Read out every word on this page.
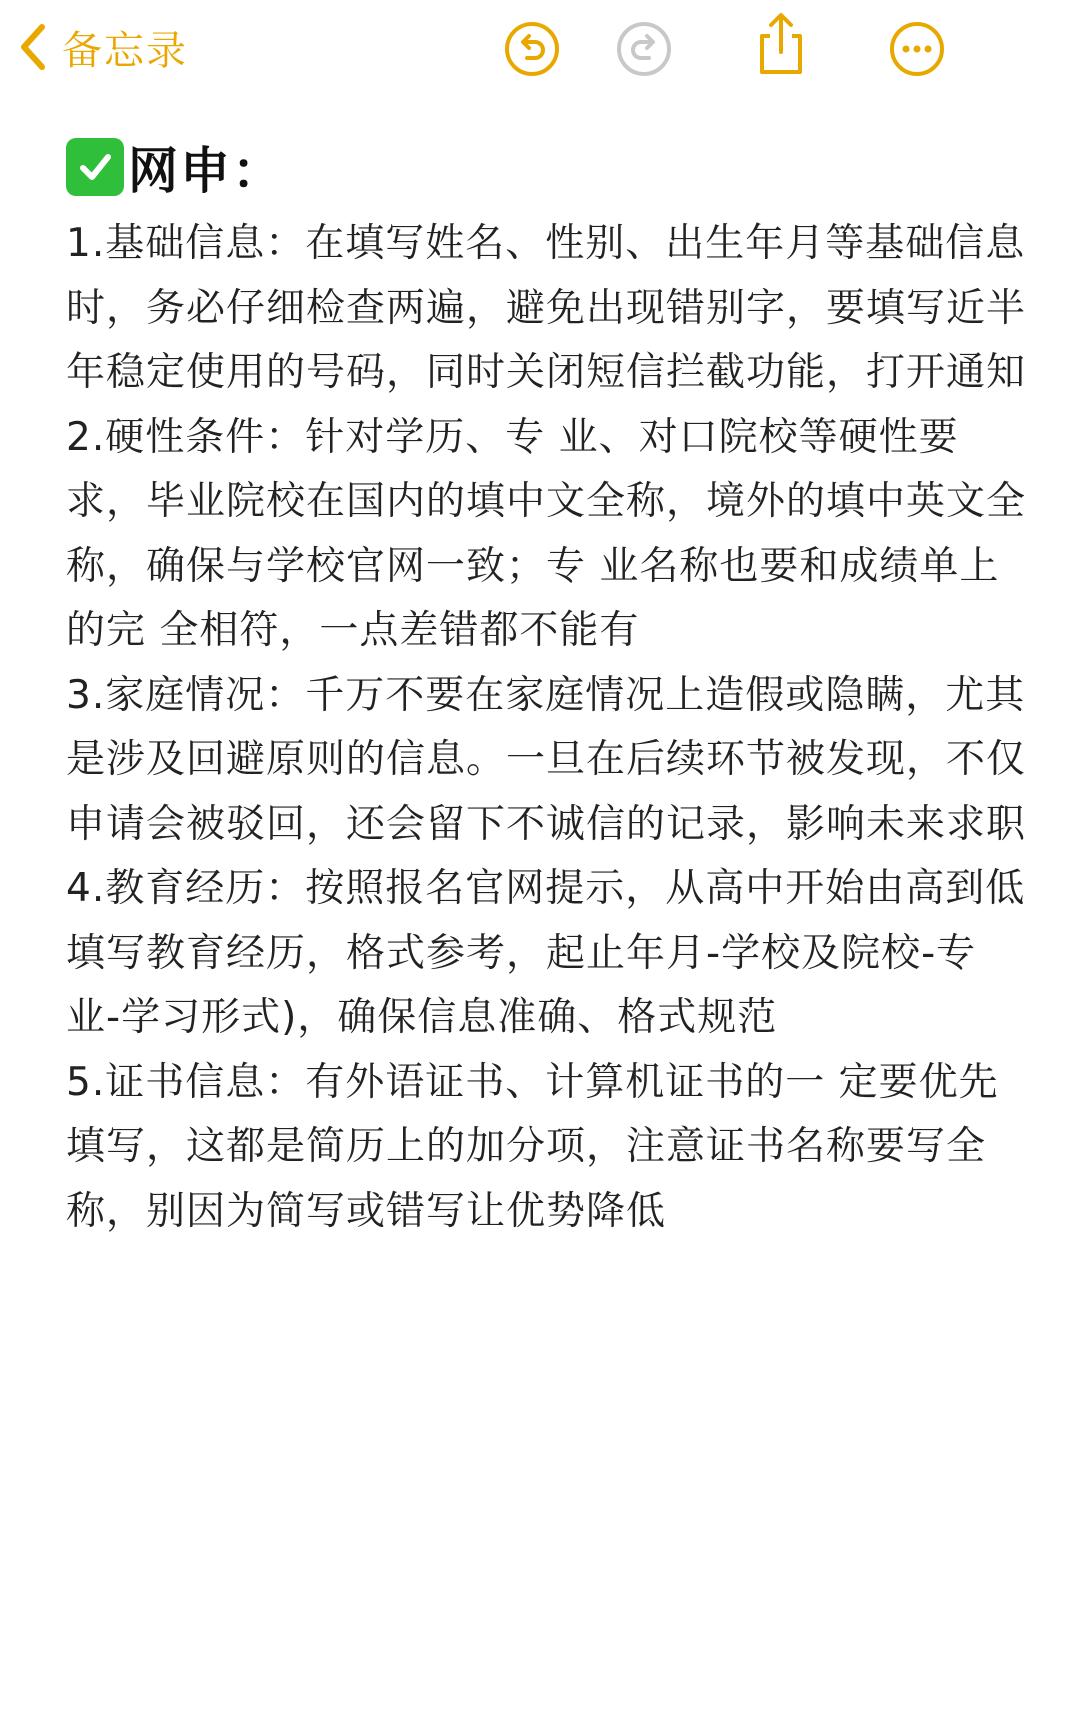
备忘录
网申：

1.基础信息：在填写姓名、性别、出生年月等基础信息时，务必仔细检查两遍，避免出现错别字，要填写近半年稳定使用的号码，同时关闭短信拦截功能，打开通知

2.硬性条件：针对学历、专 业、对口院校等硬性要求，毕业院校在国内的填中文全称，境外的填中英文全称，确保与学校官网一致；专 业名称也要和成绩单上的完 全相符，一点差错都不能有

3.家庭情况：千万不要在家庭情况上造假或隐瞒，尤其是涉及回避原则的信息。一旦在后续环节被发现，不仅申请会被驳回，还会留下不诚信的记录，影响未来求职

4.教育经历：按照报名官网提示，从高中开始由高到低填写教育经历，格式参考，起止年月-学校及院校-专 业-学习形式)，确保信息准确、格式规范

5.证书信息：有外语证书、计算机证书的一 定要优先填写，这都是简历上的加分项，注意证书名称要写全称，别因为简写或错写让优势降低
